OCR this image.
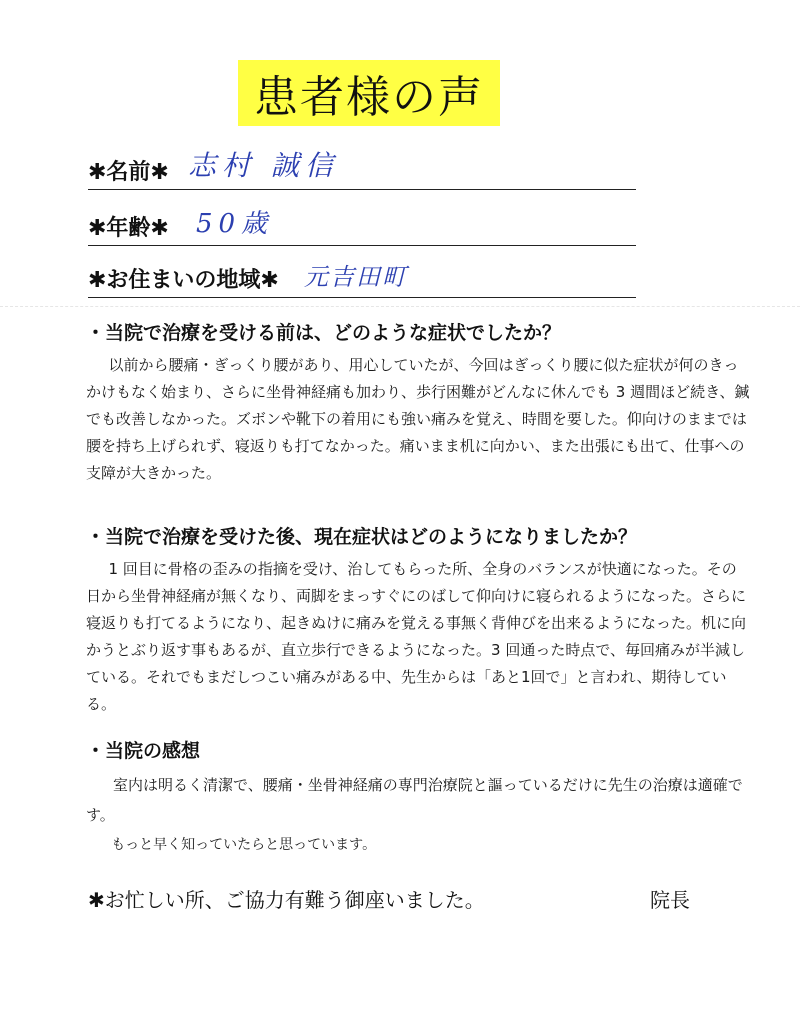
患者様の声
✱名前✱ 志村 誠信
✱年齢✱ 50歳
✱お住まいの地域✱ 元吉田町
・当院で治療を受ける前は、どのような症状でしたか？
以前から腰痛・ぎっくり腰があり、用心していたが、今回はぎっくり腰に似た症状が何のきっかけもなく始まり、さらに坐骨神経痛も加わり、歩行困難がどんなに休んでも 3 週間ほど続き、鍼でも改善しなかった。ズボンや靴下の着用にも強い痛みを覚え、時間を要した。仰向けのままでは腰を持ち上げられず、寝返りも打てなかった。痛いまま机に向かい、また出張にも出て、仕事への支障が大きかった。
・当院で治療を受けた後、現在症状はどのようになりましたか？
1 回目に骨格の歪みの指摘を受け、治してもらった所、全身のバランスが快適になった。その日から坐骨神経痛が無くなり、両脚をまっすぐにのばして仰向けに寝られるようになった。さらに寝返りも打てるようになり、起きぬけに痛みを覚える事無く背伸びを出来るようになった。机に向かうとぶり返す事もあるが、直立歩行できるようになった。3 回通った時点で、毎回痛みが半減している。それでもまだしつこい痛みがある中、先生からは「あと1回で」と言われ、期待している。
・当院の感想

室内は明るく清潔で、腰痛・坐骨神経痛の専門治療院と謳っているだけに先生の治療は適確です。

もっと早く知っていたらと思っています。

✱お忙しい所、ご協力有難う御座いました。	院長
